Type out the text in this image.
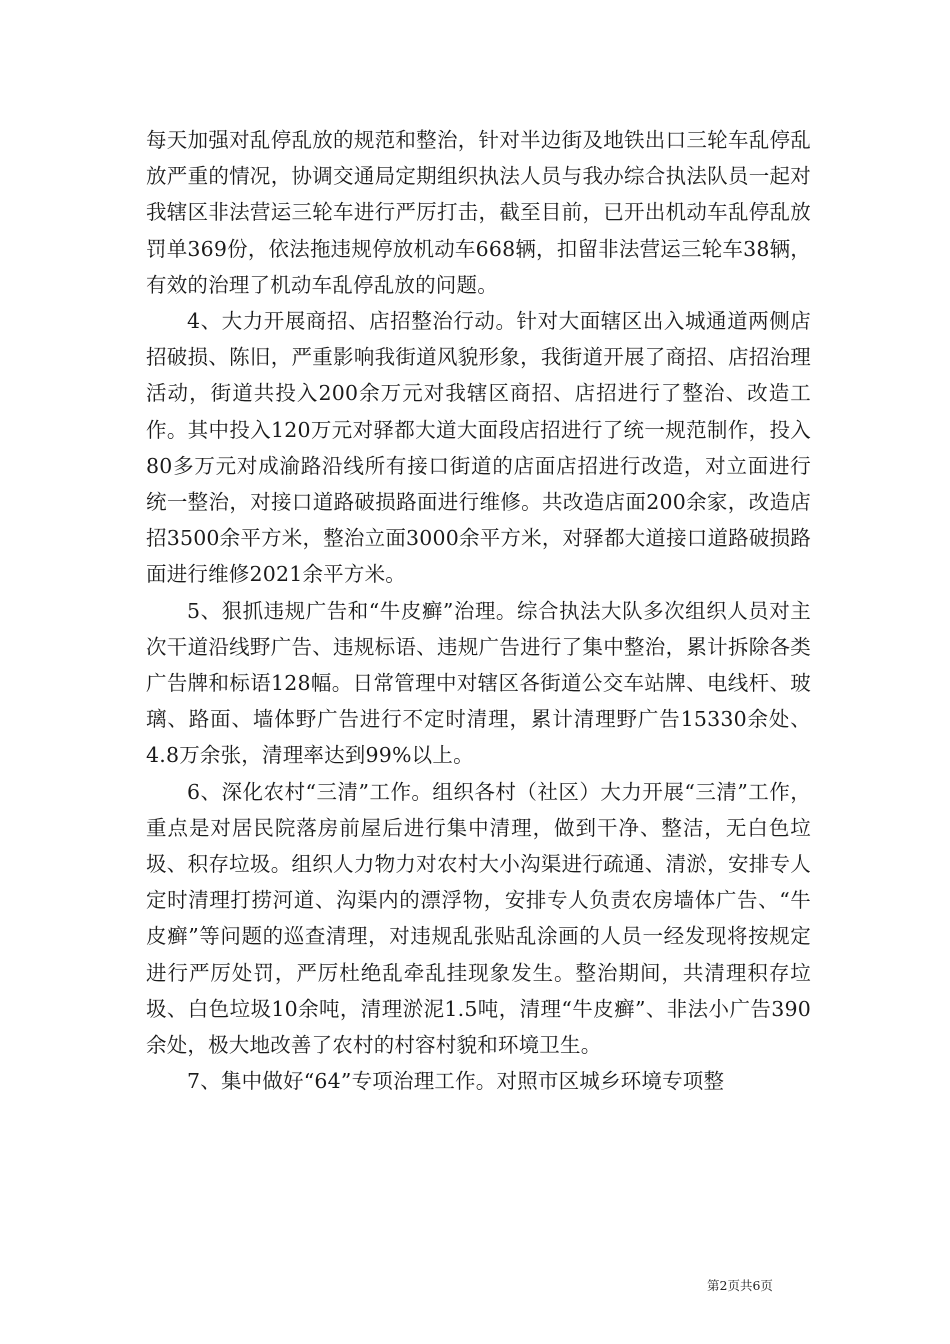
每天加强对乱停乱放的规范和整治，针对半边街及地铁出口三轮车乱停乱放严重的情况，协调交通局定期组织执法人员与我办综合执法队员一起对我辖区非法营运三轮车进行严厉打击，截至目前，已开出机动车乱停乱放罚单369份，依法拖违规停放机动车668辆，扣留非法营运三轮车38辆，有效的治理了机动车乱停乱放的问题。

4、大力开展商招、店招整治行动。针对大面辖区出入城通道两侧店招破损、陈旧，严重影响我街道风貌形象，我街道开展了商招、店招治理活动，街道共投入200余万元对我辖区商招、店招进行了整治、改造工作。其中投入120万元对驿都大道大面段店招进行了统一规范制作，投入80多万元对成渝路沿线所有接口街道的店面店招进行改造，对立面进行统一整治，对接口道路破损路面进行维修。共改造店面200余家，改造店招3500余平方米，整治立面3000余平方米，对驿都大道接口道路破损路面进行维修2021余平方米。

5、狠抓违规广告和“牛皮癣”治理。综合执法大队多次组织人员对主次干道沿线野广告、违规标语、违规广告进行了集中整治，累计拆除各类广告牌和标语128幅。日常管理中对辖区各街道公交车站牌、电线杆、玻璃、路面、墙体野广告进行不定时清理，累计清理野广告15330余处、4.8万余张，清理率达到99%以上。

6、深化农村“三清”工作。组织各村（社区）大力开展“三清”工作，重点是对居民院落房前屋后进行集中清理，做到干净、整洁，无白色垃圾、积存垃圾。组织人力物力对农村大小沟渠进行疏通、清淤，安排专人定时清理打捞河道、沟渠内的漂浮物，安排专人负责农房墙体广告、“牛皮癣”等问题的巡查清理，对违规乱张贴乱涂画的人员一经发现将按规定进行严厉处罚，严厉杜绝乱牵乱挂现象发生。整治期间，共清理积存垃圾、白色垃圾10余吨，清理淤泥1.5吨，清理“牛皮癣”、非法小广告390余处，极大地改善了农村的村容村貌和环境卫生。

7、集中做好“64”专项治理工作。对照市区城乡环境专项整

第2页共6页
